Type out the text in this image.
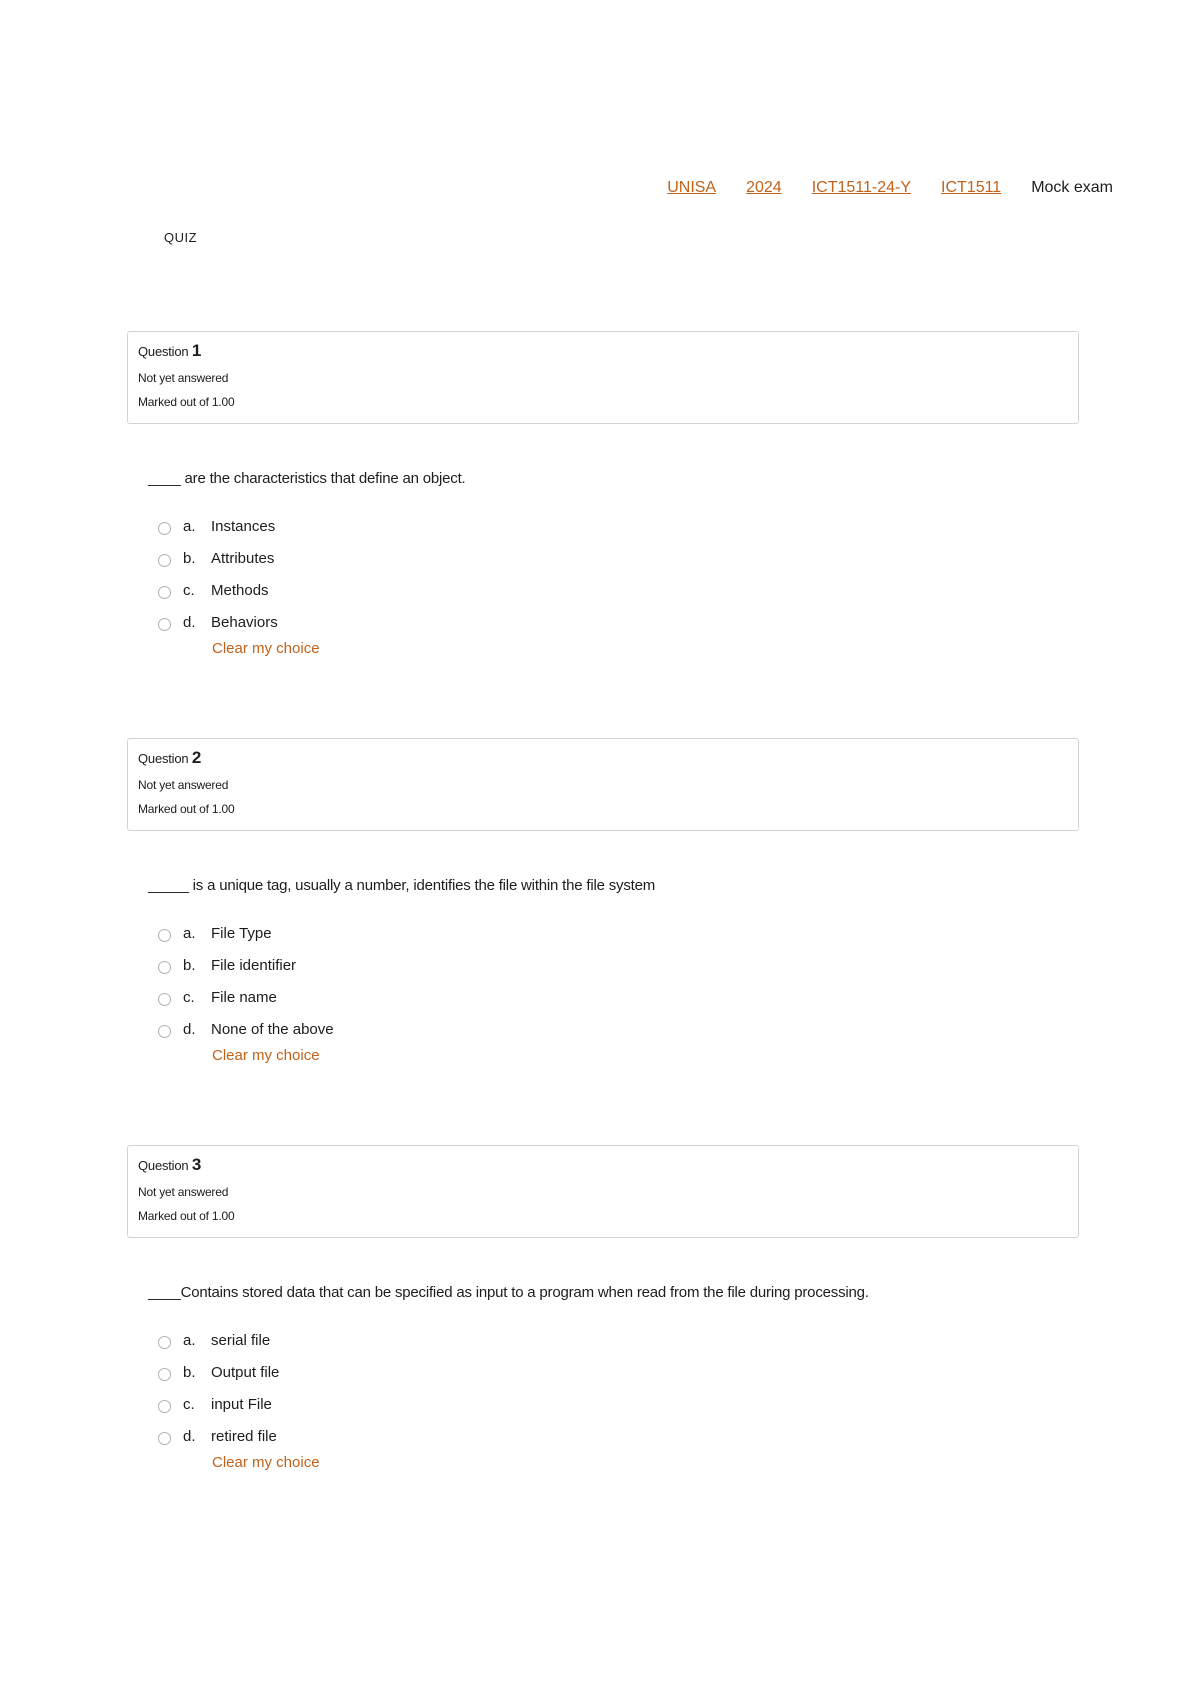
UNISA 2024 ICT1511-24-Y ICT1511 Mock exam
QUIZ
Question 1
Not yet answered
Marked out of 1.00
____ are the characteristics that define an object.
a.	Instances
b.	Attributes
c.	Methods
d.	Behaviors
Clear my choice
Question 2
Not yet answered
Marked out of 1.00
_____ is a unique tag, usually a number, identifies the file within the file system
a.	File Type
b.	File identifier
c.	File name
d.	None of the above
Clear my choice
Question 3
Not yet answered
Marked out of 1.00
____Contains stored data that can be specified as input to a program when read from the file during processing.
a.	serial file
b.	Output file
c.	input File
d.	retired file
Clear my choice
